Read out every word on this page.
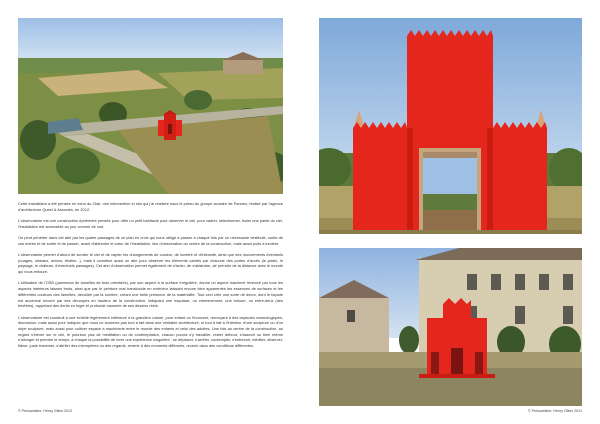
Cette installation a été pensée en écho du Clair, une intervention in situ qui j'ai réalisée sous le préau du groupe scolaire de Pannes, réalisé par l'agence d'architecture Quest & Associés, en 2012.

L'observatoire est une construction éphémère pensée pour offrir un petit habitacle pour observer le ciel, pour cadrer, sélectionner, isoler une partie du ciel, l'installation est accessible au jour comme de nuit.

On peut pénétrer dans cet abri par les quatre passages de ce plan en croix qui nous obligé à passer à chaque fois par un nécessaire vestibule, sortie de ces entrés et de sortie et de passer, avant d'atteindre le cœur de l'installation, lieu d'observation du centre de la construction, mais aussi puits à lumière.

L'observatoire permet d'abord de scruter le ciel et de capter les changements de couleur, de lumière et d'intensité, ainsi que des mouvements éventuels (nuages, oiseaux, avions, étoiles...), mais il constitue aussi un abri pour observer les éléments cadrés par chacune des portes d'accès (le jardin, le paysage, le château, d'éventuels passages). Cet abri d'observation permet également de s'isoler, de s'abstraire, de prendre de la distance avec le monde qui nous entoure.

L'utilisation de l'OSB (panneaux de lamelles de bois orientées), par son aspect à la surface irrégulière, donne un aspect inachevé renforcé par tous les aspects intérieurs laissés bruts, ainsi que par le peinture mat translucide en extérieur laissant encore bien apparentes les essences de surfaces et les différentes couleurs des lamelles, dévoilée par la lumière, créant une belle présence de la matérialité. Tout ceci crée une sorte de décor, dont le façade est accentué encore par des découpes en hauteur de la construction, indiquant une esquisse, un cheminement, une brisure, un entre-deux (des fenêtres), rappelant des dents en léger et profonde causerie de ses dessins réels.

L'observatoire est construit à une échelle légèrement inférieure à la grandeur nature, pour enfant ou l'innocent, renvoyant à des capsules cosmologiques, discussion, mais aussi pour indiquer que nous ne sommes pas tout à fait dans une véritable architecture, ni tout à fait à l'intérieur d'une sculpture ou d'un objet sculpturé, mais aussi pour cultiver espace à machinerie entre le monde des enfants et celui des adultes. Une fois au centre de la construction, au regard s'élever sur le ciel, le pourtour pas de méditation ou de contemplation, chacun pourra s'y travailler, rester debout, s'asseoir ou bien même s'allonger et prendre le temps, à chaque la possibilité de vivre une expérience singulière : se déplacer, s'arrêter, contempler, s'entrevoir, méditer, observer, flâner, juste traverser, s'abriter des intempéries ou des regards, revenir à des moments différents, revenir dans des conditions différentes.

© Pelouzelaire, Henry Gilles 2013	© Pelouzelaire, Henry Gilles 2013
